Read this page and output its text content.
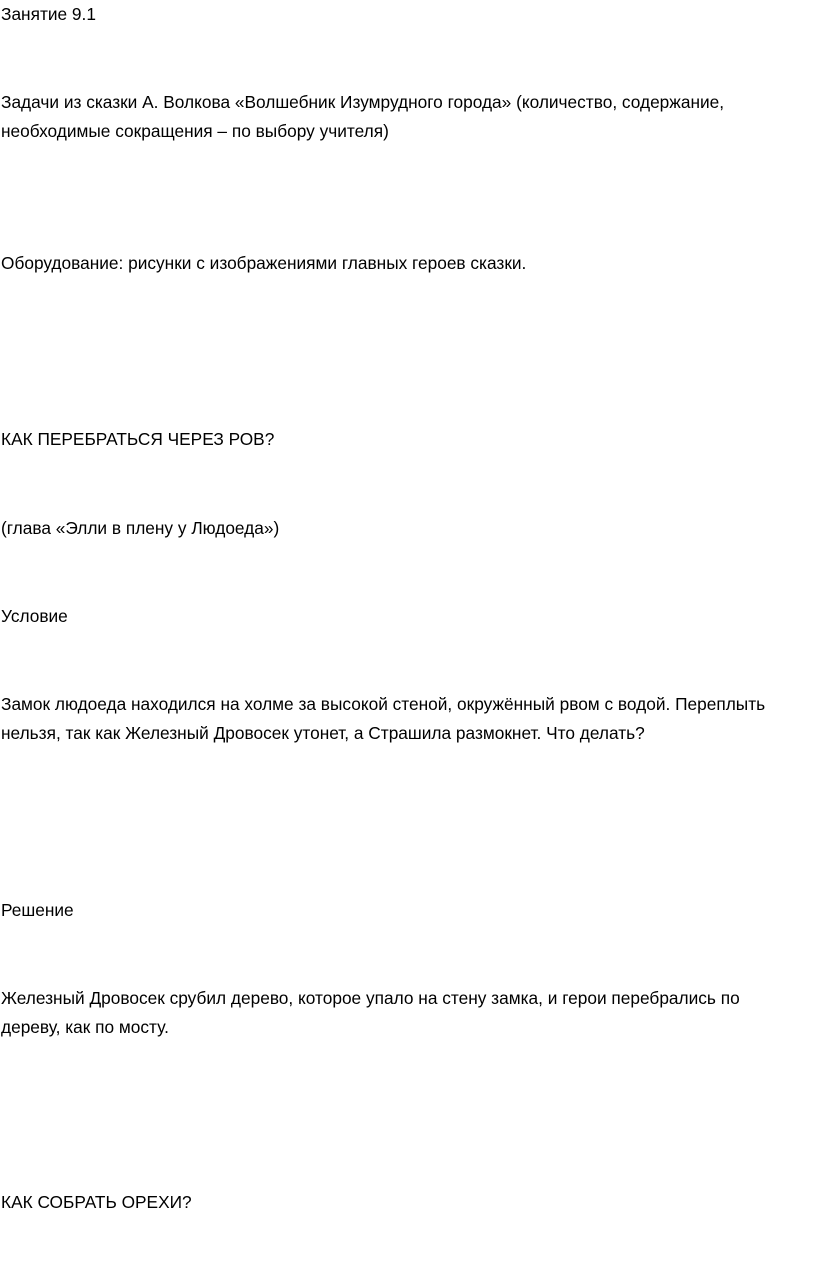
Занятие 9.1
Задачи из сказки А. Волкова «Волшебник Изумрудного города» (количество, содержание,
необходимые сокращения – по выбору учителя)
Оборудование: рисунки с изображениями главных героев сказки.
КАК ПЕРЕБРАТЬСЯ ЧЕРЕЗ РОВ?
(глава «Элли в плену у Людоеда»)
Условие
Замок людоеда находился на холме за высокой стеной, окружённый рвом с водой. Переплыть
нельзя, так как Железный Дровосек утонет, а Страшила размокнет. Что делать?
Решение
Железный Дровосек срубил дерево, которое упало на стену замка, и герои перебрались по
дереву, как по мосту.
КАК СОБРАТЬ ОРЕХИ?
